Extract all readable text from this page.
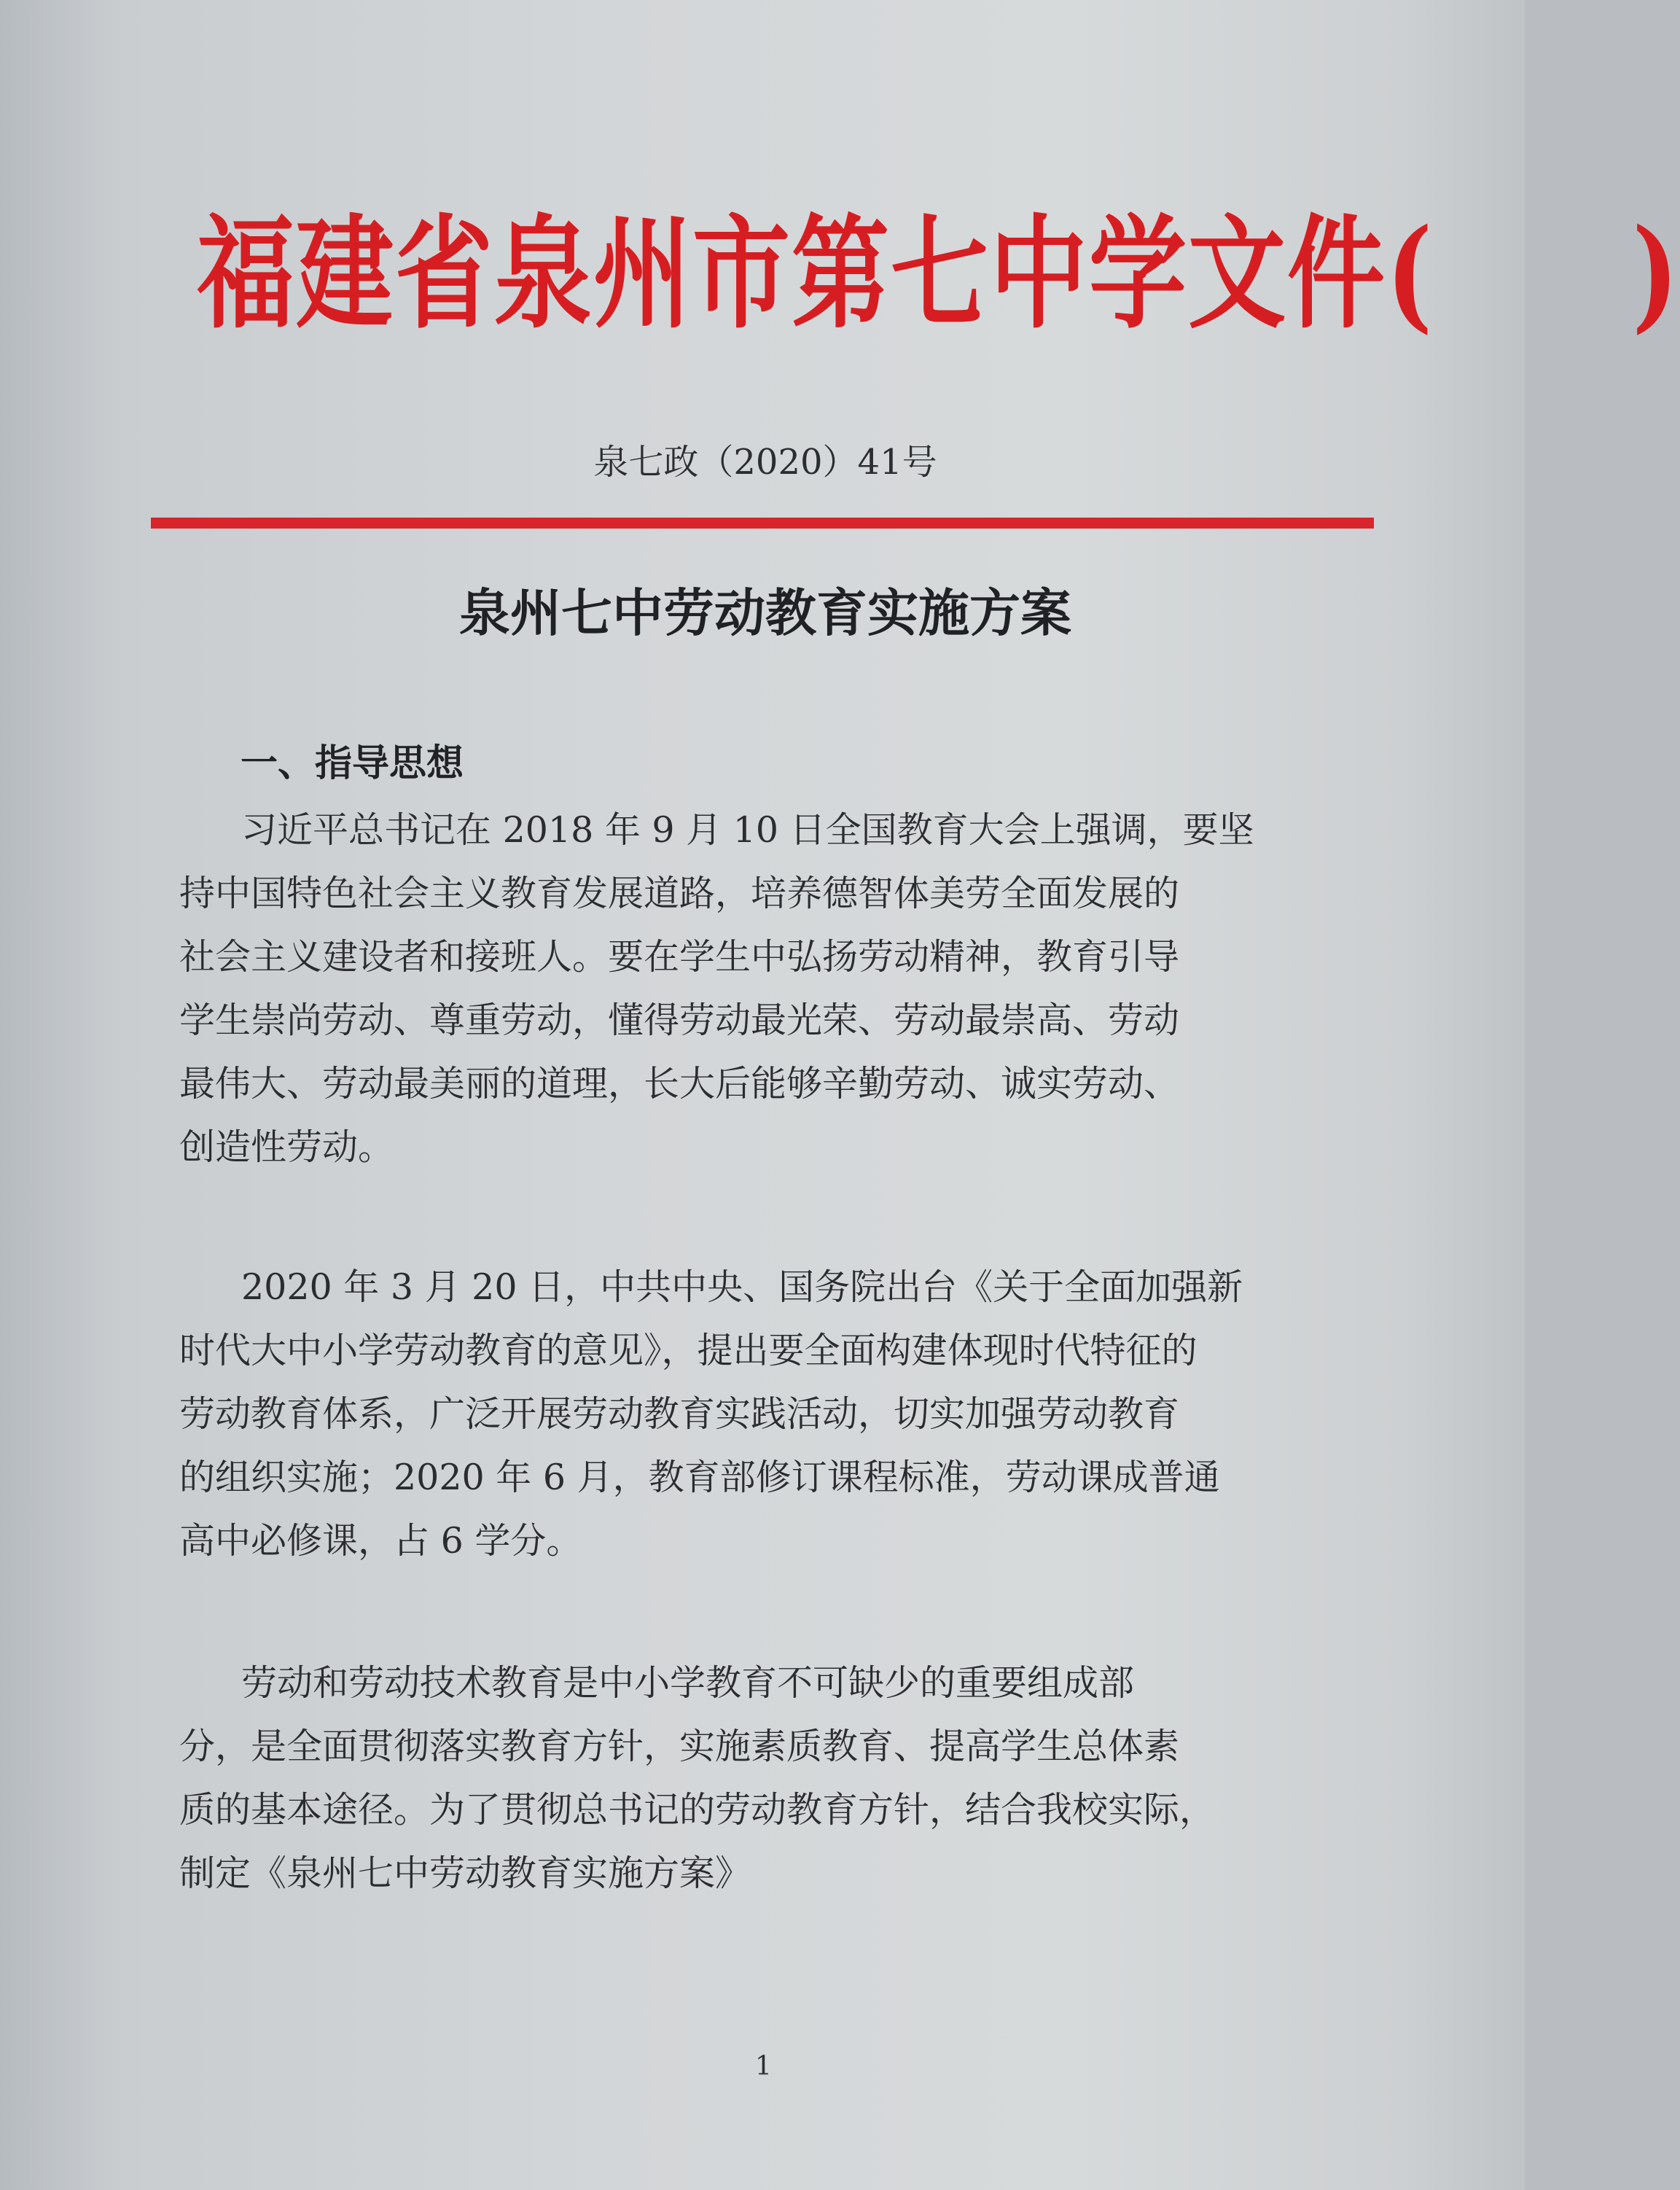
福建省泉州市第七中学文件(　　)
泉七政（2020）41号
泉州七中劳动教育实施方案
一、指导思想
习近平总书记在 2018 年 9 月 10 日全国教育大会上强调，要坚
持中国特色社会主义教育发展道路，培养德智体美劳全面发展的
社会主义建设者和接班人。要在学生中弘扬劳动精神，教育引导
学生崇尚劳动、尊重劳动，懂得劳动最光荣、劳动最崇高、劳动
最伟大、劳动最美丽的道理，长大后能够辛勤劳动、诚实劳动、
创造性劳动。
2020 年 3 月 20 日，中共中央、国务院出台《关于全面加强新
时代大中小学劳动教育的意见》，提出要全面构建体现时代特征的
劳动教育体系，广泛开展劳动教育实践活动，切实加强劳动教育
的组织实施；2020 年 6 月，教育部修订课程标准，劳动课成普通
高中必修课，占 6 学分。
劳动和劳动技术教育是中小学教育不可缺少的重要组成部
分，是全面贯彻落实教育方针，实施素质教育、提高学生总体素
质的基本途径。为了贯彻总书记的劳动教育方针，结合我校实际，
制定《泉州七中劳动教育实施方案》
1
